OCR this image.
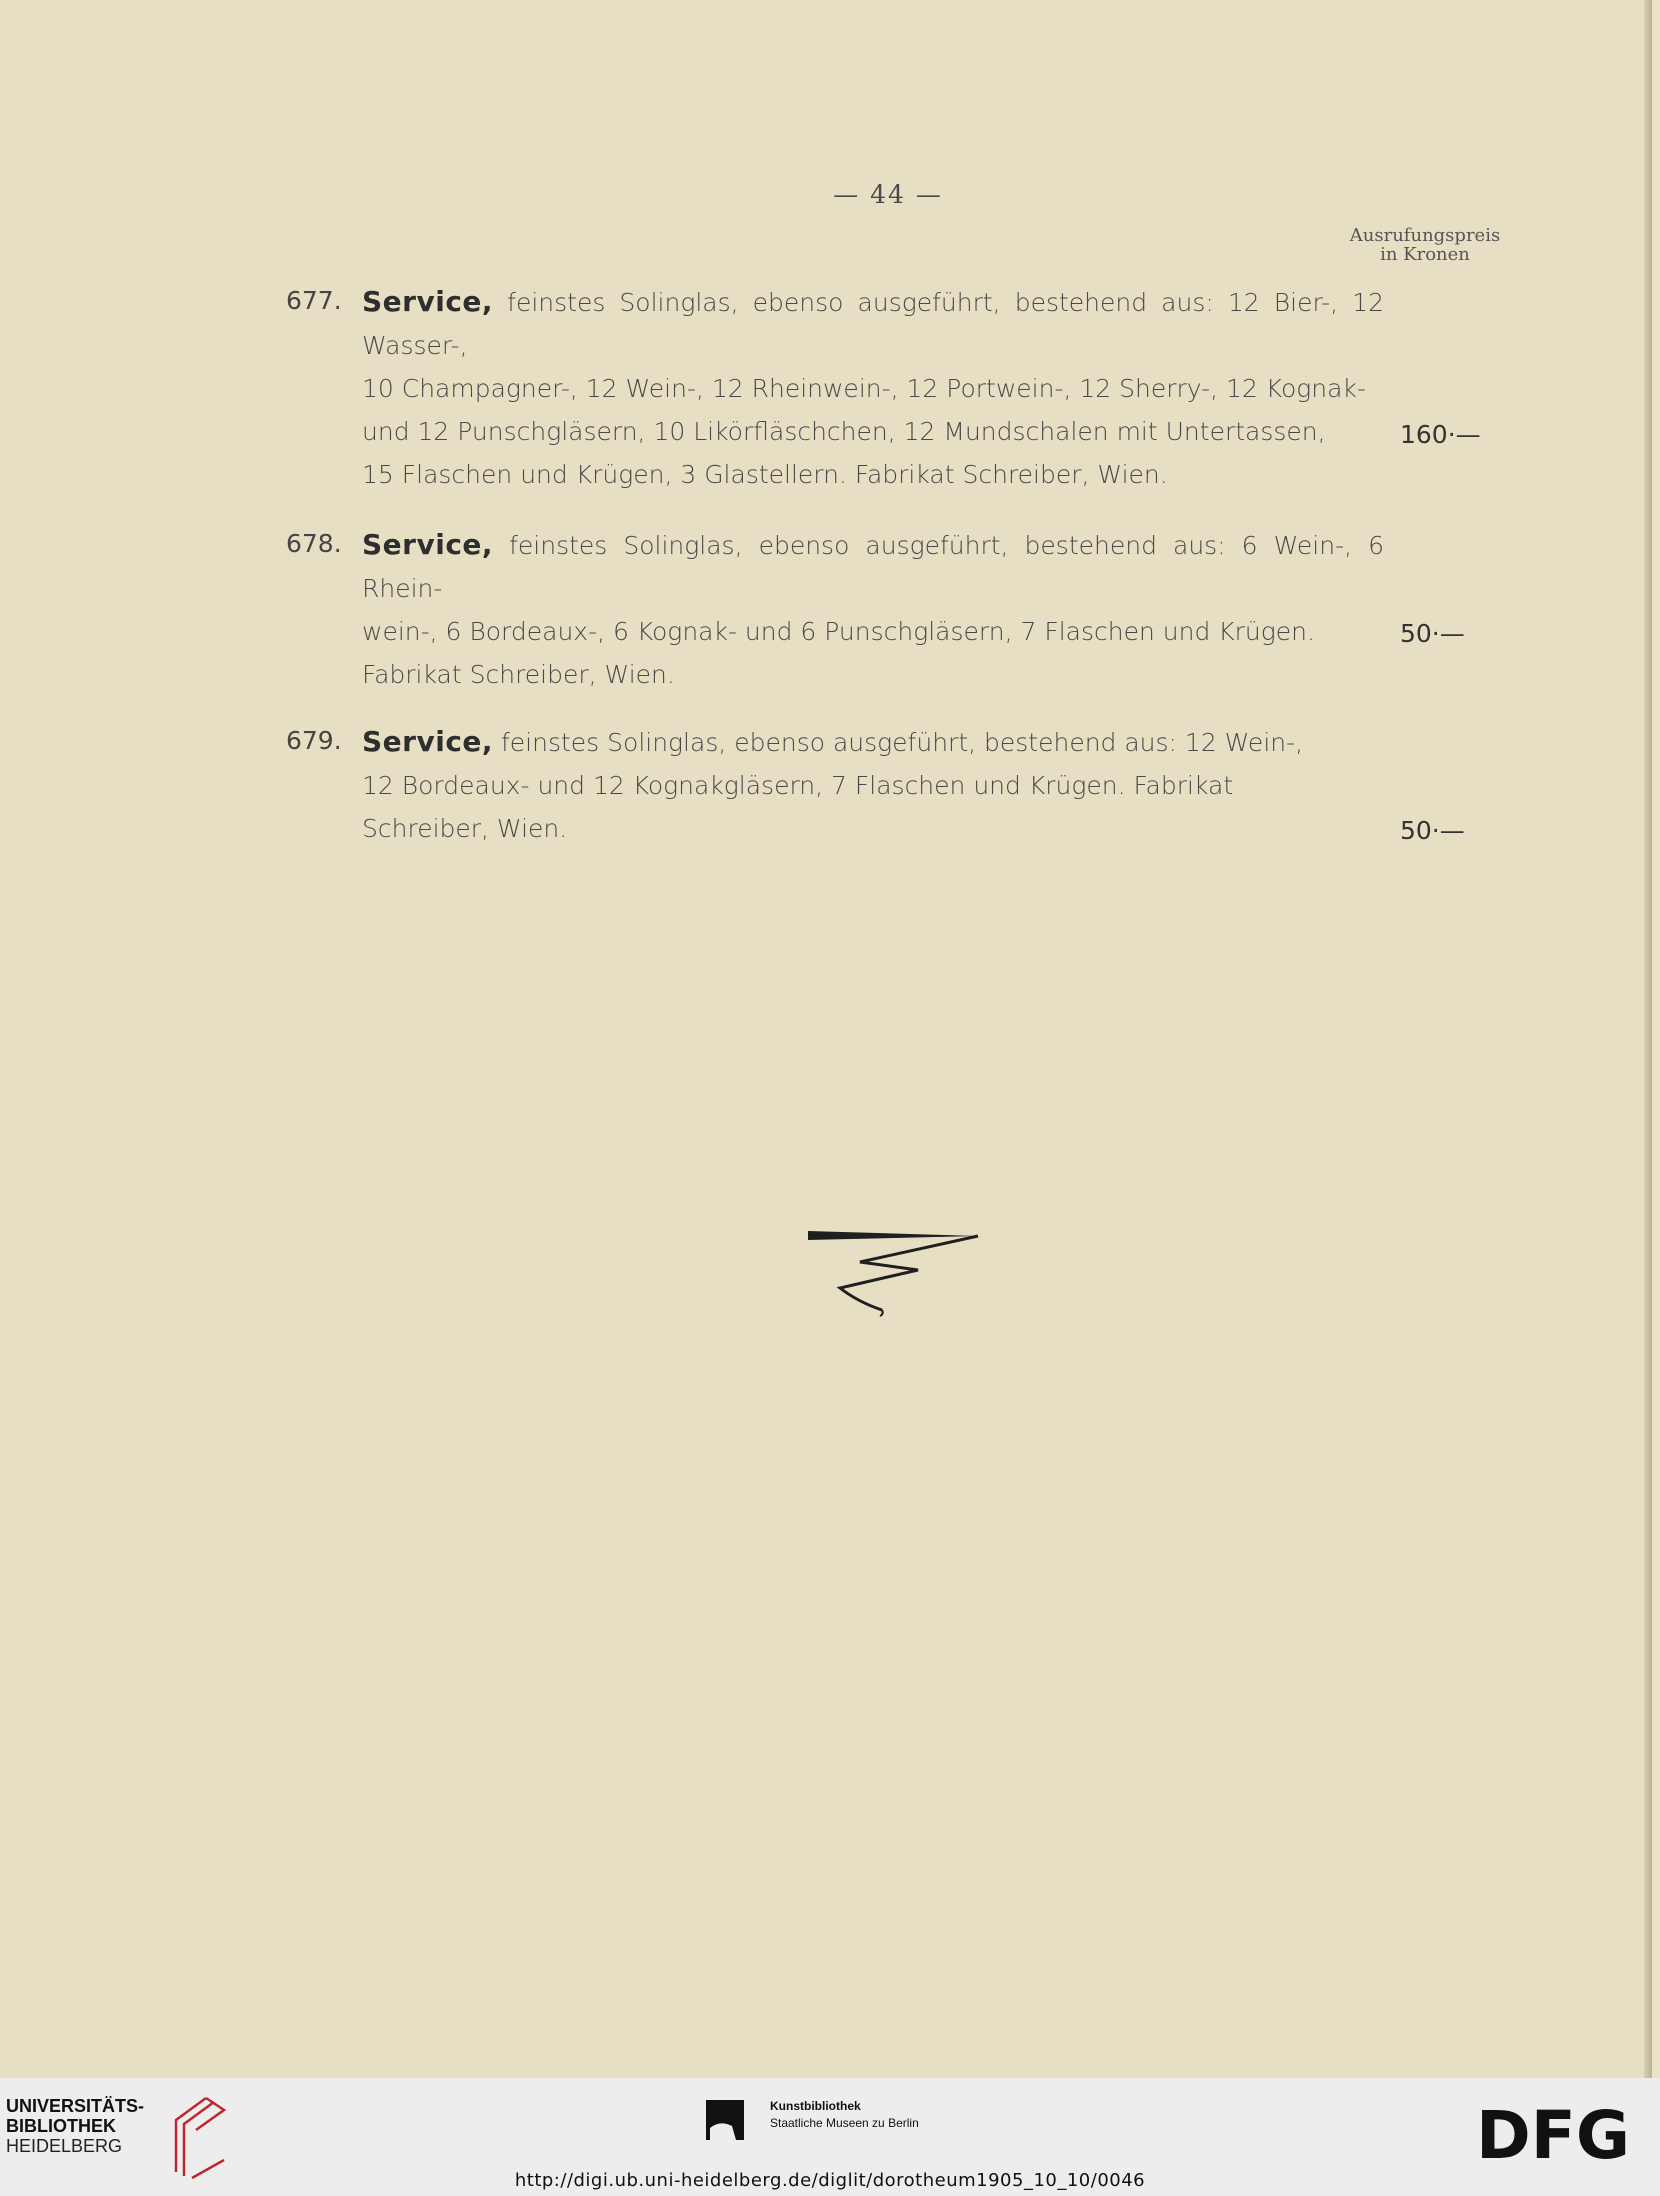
— 44 —
Ausrufungspreis
in Kronen
677. Service, feinstes Solinglas, ebenso ausgeführt, bestehend aus: 12 Bier-, 12 Wasser-,
10 Champagner-, 12 Wein-, 12 Rheinwein-, 12 Portwein-, 12 Sherry-, 12 Kognak-
und 12 Punschgläsern, 10 Likörfläschchen, 12 Mundschalen mit Untertassen,
15 Flaschen und Krügen, 3 Glastellern. Fabrikat Schreiber, Wien.
160·—
678. Service, feinstes Solinglas, ebenso ausgeführt, bestehend aus: 6 Wein-, 6 Rhein-
wein-, 6 Bordeaux-, 6 Kognak- und 6 Punschgläsern, 7 Flaschen und Krügen.
Fabrikat Schreiber, Wien.
50·—
679. Service, feinstes Solinglas, ebenso ausgeführt, bestehend aus: 12 Wein-,
12 Bordeaux- und 12 Kognakgläsern, 7 Flaschen und Krügen. Fabrikat
Schreiber, Wien.	50·—
UNIVERSITÄTS-
BIBLIOTHEK
HEIDELBERG
Kunstbibliothek
Staatliche Museen zu Berlin	DFG
http://digi.ub.uni-heidelberg.de/diglit/dorotheum1905_10_10/0046
